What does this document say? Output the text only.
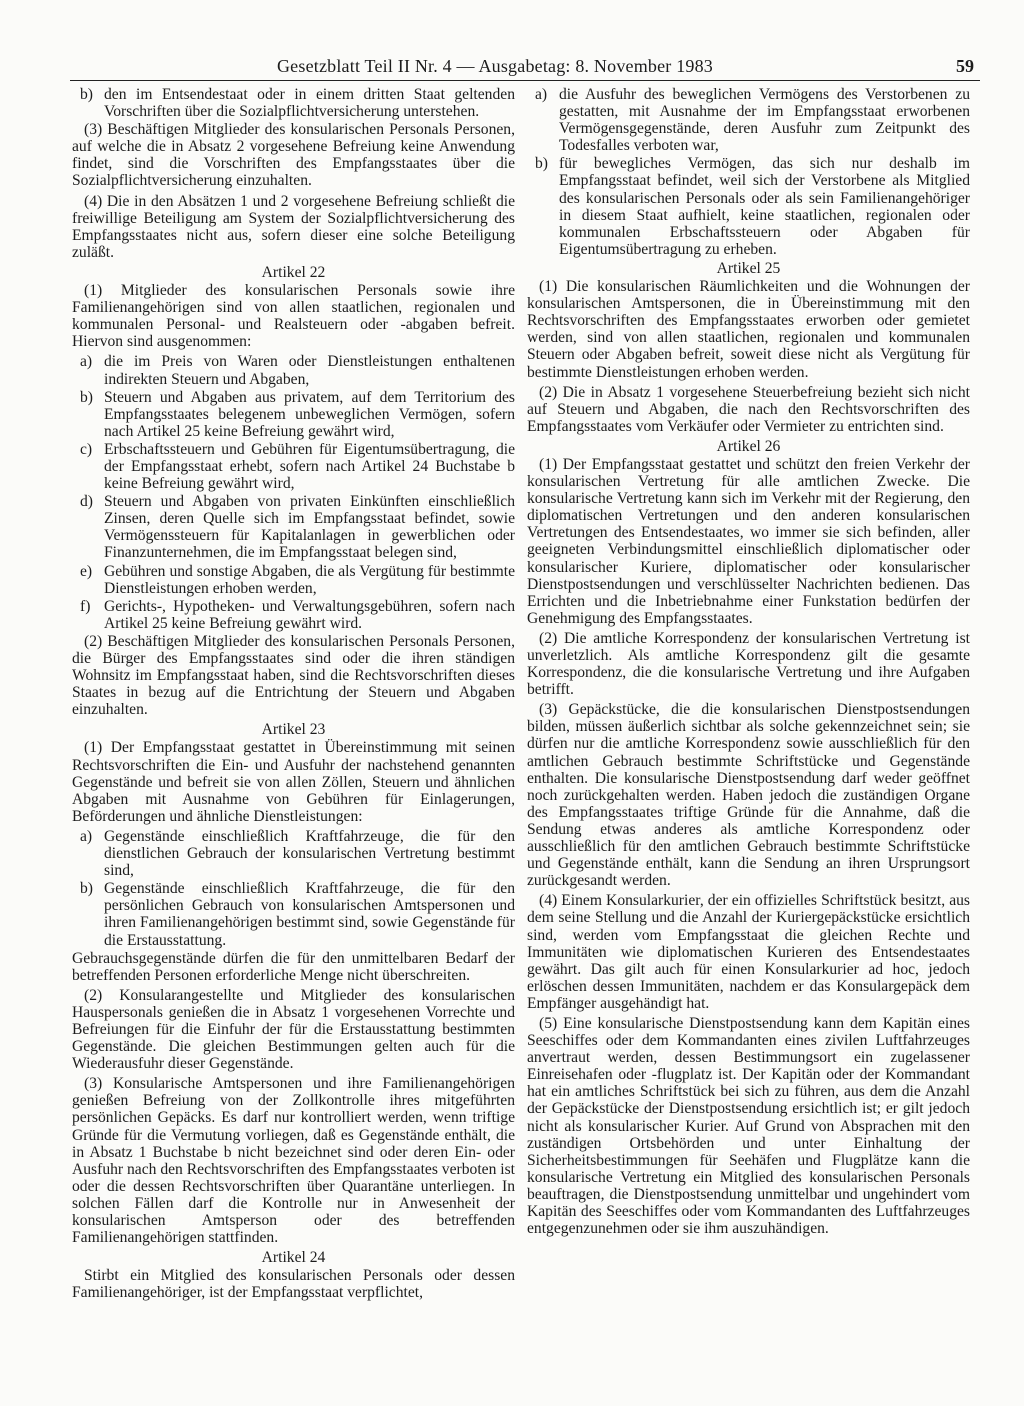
Gesetzblatt Teil II Nr. 4 — Ausgabetag: 8. November 1983	59
b) den im Entsendestaat oder in einem dritten Staat geltenden Vorschriften über die Sozialpflichtversicherung unterstehen.

(3) Beschäftigen Mitglieder des konsularischen Personals Personen, auf welche die in Absatz 2 vorgesehene Befreiung keine Anwendung findet, sind die Vorschriften des Empfangsstaates über die Sozialpflichtversicherung einzuhalten.

(4) Die in den Absätzen 1 und 2 vorgesehene Befreiung schließt die freiwillige Beteiligung am System der Sozialpflichtversicherung des Empfangsstaates nicht aus, sofern dieser eine solche Beteiligung zuläßt.

Artikel 22

(1) Mitglieder des konsularischen Personals sowie ihre Familienangehörigen sind von allen staatlichen, regionalen und kommunalen Personal- und Realsteuern oder -abgaben befreit. Hiervon sind ausgenommen:

a) die im Preis von Waren oder Dienstleistungen enthaltenen indirekten Steuern und Abgaben,
b) Steuern und Abgaben aus privatem, auf dem Territorium des Empfangsstaates belegenem unbeweglichen Vermögen, sofern nach Artikel 25 keine Befreiung gewährt wird,
c) Erbschaftssteuern und Gebühren für Eigentumsübertragung, die der Empfangsstaat erhebt, sofern nach Artikel 24 Buchstabe b keine Befreiung gewährt wird,
d) Steuern und Abgaben von privaten Einkünften einschließlich Zinsen, deren Quelle sich im Empfangsstaat befindet, sowie Vermögenssteuern für Kapitalanlagen in gewerblichen oder Finanzunternehmen, die im Empfangsstaat belegen sind,
e) Gebühren und sonstige Abgaben, die als Vergütung für bestimmte Dienstleistungen erhoben werden,
f) Gerichts-, Hypotheken- und Verwaltungsgebühren, sofern nach Artikel 25 keine Befreiung gewährt wird.

(2) Beschäftigen Mitglieder des konsularischen Personals Personen, die Bürger des Empfangsstaates sind oder die ihren ständigen Wohnsitz im Empfangsstaat haben, sind die Rechtsvorschriften dieses Staates in bezug auf die Entrichtung der Steuern und Abgaben einzuhalten.

Artikel 23

(1) Der Empfangsstaat gestattet in Übereinstimmung mit seinen Rechtsvorschriften die Ein- und Ausfuhr der nachstehend genannten Gegenstände und befreit sie von allen Zöllen, Steuern und ähnlichen Abgaben mit Ausnahme von Gebühren für Einlagerungen, Beförderungen und ähnliche Dienstleistungen:

a) Gegenstände einschließlich Kraftfahrzeuge, die für den dienstlichen Gebrauch der konsularischen Vertretung bestimmt sind,
b) Gegenstände einschließlich Kraftfahrzeuge, die für den persönlichen Gebrauch von konsularischen Amtspersonen und ihren Familienangehörigen bestimmt sind, sowie Gegenstände für die Erstausstattung.

Gebrauchsgegenstände dürfen die für den unmittelbaren Bedarf der betreffenden Personen erforderliche Menge nicht überschreiten.

(2) Konsularangestellte und Mitglieder des konsularischen Hauspersonals genießen die in Absatz 1 vorgesehenen Vorrechte und Befreiungen für die Einfuhr der für die Erstausstattung bestimmten Gegenstände. Die gleichen Bestimmungen gelten auch für die Wiederausfuhr dieser Gegenstände.

(3) Konsularische Amtspersonen und ihre Familienangehörigen genießen Befreiung von der Zollkontrolle ihres mitgeführten persönlichen Gepäcks. Es darf nur kontrolliert werden, wenn triftige Gründe für die Vermutung vorliegen, daß es Gegenstände enthält, die in Absatz 1 Buchstabe b nicht bezeichnet sind oder deren Ein- oder Ausfuhr nach den Rechtsvorschriften des Empfangsstaates verboten ist oder die dessen Rechtsvorschriften über Quarantäne unterliegen. In solchen Fällen darf die Kontrolle nur in Anwesenheit der konsularischen Amtsperson oder des betreffenden Familienangehörigen stattfinden.

Artikel 24

Stirbt ein Mitglied des konsularischen Personals oder dessen Familienangehöriger, ist der Empfangsstaat verpflichtet,

a) die Ausfuhr des beweglichen Vermögens des Verstorbenen zu gestatten, mit Ausnahme der im Empfangsstaat erworbenen Vermögensgegenstände, deren Ausfuhr zum Zeitpunkt des Todesfalles verboten war,
b) für bewegliches Vermögen, das sich nur deshalb im Empfangsstaat befindet, weil sich der Verstorbene als Mitglied des konsularischen Personals oder als sein Familienangehöriger in diesem Staat aufhielt, keine staatlichen, regionalen oder kommunalen Erbschaftssteuern oder Abgaben für Eigentumsübertragung zu erheben.
Artikel 25

(1) Die konsularischen Räumlichkeiten und die Wohnungen der konsularischen Amtspersonen, die in Übereinstimmung mit den Rechtsvorschriften des Empfangsstaates erworben oder gemietet werden, sind von allen staatlichen, regionalen und kommunalen Steuern oder Abgaben befreit, soweit diese nicht als Vergütung für bestimmte Dienstleistungen erhoben werden.

(2) Die in Absatz 1 vorgesehene Steuerbefreiung bezieht sich nicht auf Steuern und Abgaben, die nach den Rechtsvorschriften des Empfangsstaates vom Verkäufer oder Vermieter zu entrichten sind.

Artikel 26

(1) Der Empfangsstaat gestattet und schützt den freien Verkehr der konsularischen Vertretung für alle amtlichen Zwecke. Die konsularische Vertretung kann sich im Verkehr mit der Regierung, den diplomatischen Vertretungen und den anderen konsularischen Vertretungen des Entsendestaates, wo immer sie sich befinden, aller geeigneten Verbindungsmittel einschließlich diplomatischer oder konsularischer Kuriere, diplomatischer oder konsularischer Dienstpostsendungen und verschlüsselter Nachrichten bedienen. Das Errichten und die Inbetriebnahme einer Funkstation bedürfen der Genehmigung des Empfangsstaates.

(2) Die amtliche Korrespondenz der konsularischen Vertretung ist unverletzlich. Als amtliche Korrespondenz gilt die gesamte Korrespondenz, die die konsularische Vertretung und ihre Aufgaben betrifft.

(3) Gepäckstücke, die die konsularischen Dienstpostsendungen bilden, müssen äußerlich sichtbar als solche gekennzeichnet sein; sie dürfen nur die amtliche Korrespondenz sowie ausschließlich für den amtlichen Gebrauch bestimmte Schriftstücke und Gegenstände enthalten. Die konsularische Dienstpostsendung darf weder geöffnet noch zurückgehalten werden. Haben jedoch die zuständigen Organe des Empfangsstaates triftige Gründe für die Annahme, daß die Sendung etwas anderes als amtliche Korrespondenz oder ausschließlich für den amtlichen Gebrauch bestimmte Schriftstücke und Gegenstände enthält, kann die Sendung an ihren Ursprungsort zurückgesandt werden.

(4) Einem Konsularkurier, der ein offizielles Schriftstück besitzt, aus dem seine Stellung und die Anzahl der Kuriergepäckstücke ersichtlich sind, werden vom Empfangsstaat die gleichen Rechte und Immunitäten wie diplomatischen Kurieren des Entsendestaates gewährt. Das gilt auch für einen Konsularkurier ad hoc, jedoch erlöschen dessen Immunitäten, nachdem er das Konsulargepäck dem Empfänger ausgehändigt hat.

(5) Eine konsularische Dienstpostsendung kann dem Kapitän eines Seeschiffes oder dem Kommandanten eines zivilen Luftfahrzeuges anvertraut werden, dessen Bestimmungsort ein zugelassener Einreisehafen oder -flugplatz ist. Der Kapitän oder der Kommandant hat ein amtliches Schriftstück bei sich zu führen, aus dem die Anzahl der Gepäckstücke der Dienstpostsendung ersichtlich ist; er gilt jedoch nicht als konsularischer Kurier. Auf Grund von Absprachen mit den zuständigen Ortsbehörden und unter Einhaltung der Sicherheitsbestimmungen für Seehäfen und Flugplätze kann die konsularische Vertretung ein Mitglied des konsularischen Personals beauftragen, die Dienstpostsendung unmittelbar und ungehindert vom Kapitän des Seeschiffes oder vom Kommandanten des Luftfahrzeuges entgegenzunehmen oder sie ihm auszuhändigen.
